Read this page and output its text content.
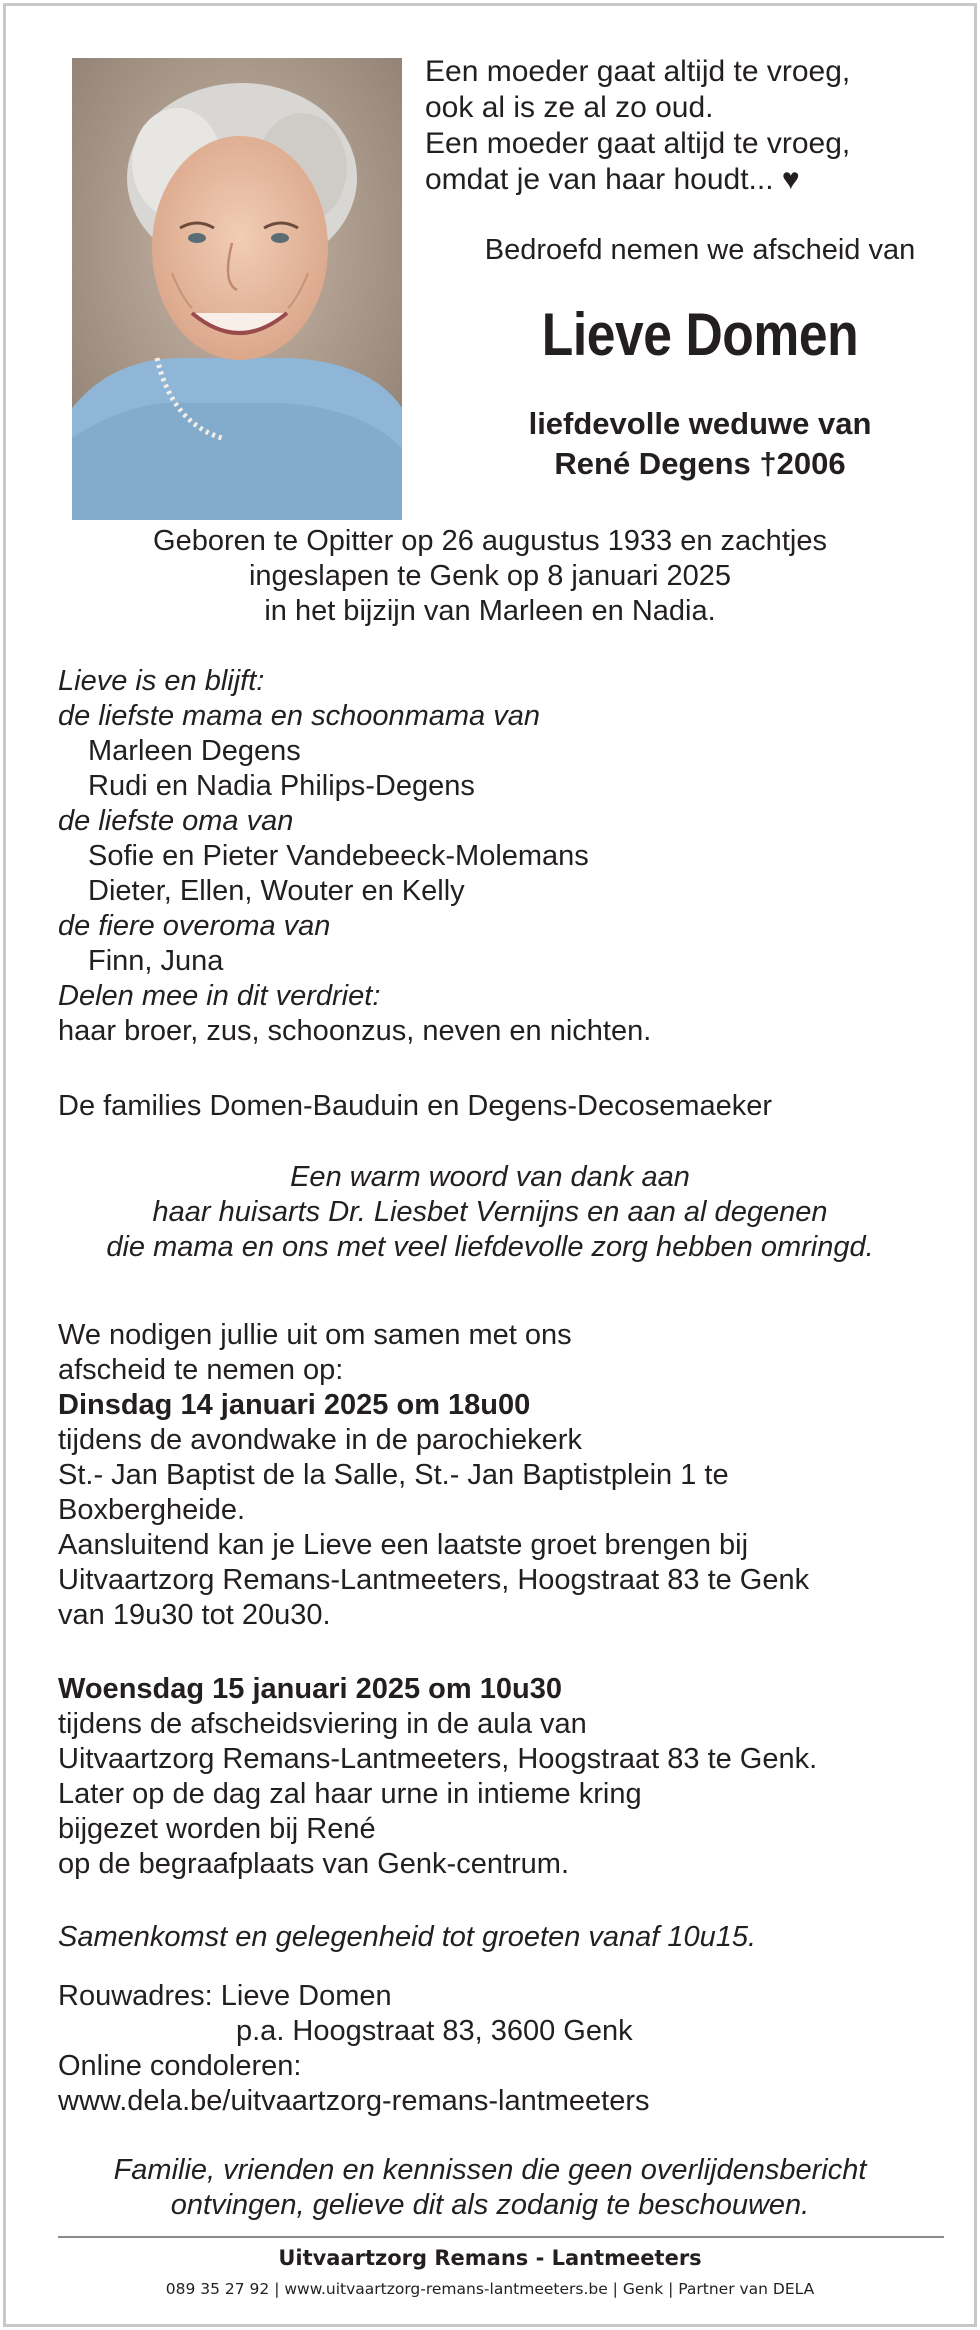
Een moeder gaat altijd te vroeg,
ook al is ze al zo oud.
Een moeder gaat altijd te vroeg,
omdat je van haar houdt... ♥
Bedroefd nemen we afscheid van
Lieve Domen
liefdevolle weduwe van
René Degens †2006
Geboren te Opitter op 26 augustus 1933 en zachtjes
ingeslapen te Genk op 8 januari 2025
in het bijzijn van Marleen en Nadia.
Lieve is en blijft:
de liefste mama en schoonmama van
Marleen Degens
Rudi en Nadia Philips-Degens
de liefste oma van
Sofie en Pieter Vandebeeck-Molemans
Dieter, Ellen, Wouter en Kelly
de fiere overoma van
Finn, Juna
Delen mee in dit verdriet:
haar broer, zus, schoonzus, neven en nichten.
De families Domen-Bauduin en Degens-Decosemaeker
Een warm woord van dank aan
haar huisarts Dr. Liesbet Vernijns en aan al degenen
die mama en ons met veel liefdevolle zorg hebben omringd.
We nodigen jullie uit om samen met ons
afscheid te nemen op:
Dinsdag 14 januari 2025 om 18u00
tijdens de avondwake in de parochiekerk
St.- Jan Baptist de la Salle, St.- Jan Baptistplein 1 te
Boxbergheide.
Aansluitend kan je Lieve een laatste groet brengen bij
Uitvaartzorg Remans-Lantmeeters, Hoogstraat 83 te Genk
van 19u30 tot 20u30.
Woensdag 15 januari 2025 om 10u30
tijdens de afscheidsviering in de aula van
Uitvaartzorg Remans-Lantmeeters, Hoogstraat 83 te Genk.
Later op de dag zal haar urne in intieme kring
bijgezet worden bij René
op de begraafplaats van Genk-centrum.
Samenkomst en gelegenheid tot groeten vanaf 10u15.
Rouwadres: Lieve Domen
p.a. Hoogstraat 83, 3600 Genk
Online condoleren:
www.dela.be/uitvaartzorg-remans-lantmeeters
Familie, vrienden en kennissen die geen overlijdensbericht
ontvingen, gelieve dit als zodanig te beschouwen.
Uitvaartzorg Remans - Lantmeeters
089 35 27 92 | www.uitvaartzorg-remans-lantmeeters.be | Genk | Partner van DELA
